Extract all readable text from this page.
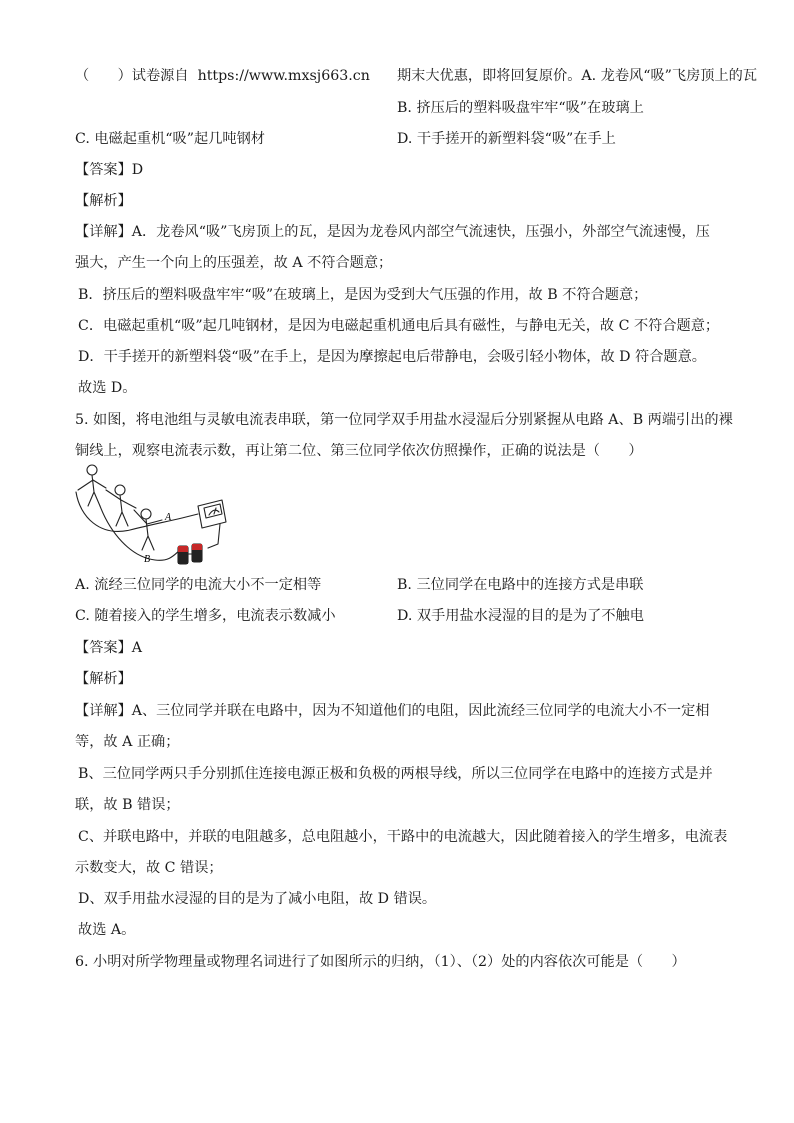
（　　）试卷源自 https://www.mxsj663.cn 期末大优惠，即将回复原价。A. 龙卷风“吸”飞房顶上的瓦
B. 挤压后的塑料吸盘牢牢“吸”在玻璃上
C. 电磁起重机“吸”起几吨钢材	D. 干手搓开的新塑料袋“吸”在手上
【答案】D
【解析】
【详解】A．龙卷风“吸”飞房顶上的瓦，是因为龙卷风内部空气流速快，压强小，外部空气流速慢，压
强大，产生一个向上的压强差，故 A 不符合题意；
B．挤压后的塑料吸盘牢牢“吸”在玻璃上，是因为受到大气压强的作用，故 B 不符合题意；
C．电磁起重机“吸”起几吨钢材，是因为电磁起重机通电后具有磁性，与静电无关，故 C 不符合题意；
D．干手搓开的新塑料袋“吸”在手上，是因为摩擦起电后带静电，会吸引轻小物体，故 D 符合题意。
故选 D。
5. 如图，将电池组与灵敏电流表串联，第一位同学双手用盐水浸湿后分别紧握从电路 A、B 两端引出的裸
铜线上，观察电流表示数，再让第二位、第三位同学依次仿照操作，正确的说法是（　　）
A
B
A. 流经三位同学的电流大小不一定相等	B. 三位同学在电路中的连接方式是串联
C. 随着接入的学生增多，电流表示数减小	D. 双手用盐水浸湿的目的是为了不触电
【答案】A
【解析】
【详解】A、三位同学并联在电路中，因为不知道他们的电阻，因此流经三位同学的电流大小不一定相
等，故 A 正确；
B、三位同学两只手分别抓住连接电源正极和负极的两根导线，所以三位同学在电路中的连接方式是并
联，故 B 错误；
C、并联电路中，并联的电阻越多，总电阻越小，干路中的电流越大，因此随着接入的学生增多，电流表
示数变大，故 C 错误；
D、双手用盐水浸湿的目的是为了减小电阻，故 D 错误。
故选 A。
6. 小明对所学物理量或物理名词进行了如图所示的归纳，（1）、（2）处的内容依次可能是（　　）
